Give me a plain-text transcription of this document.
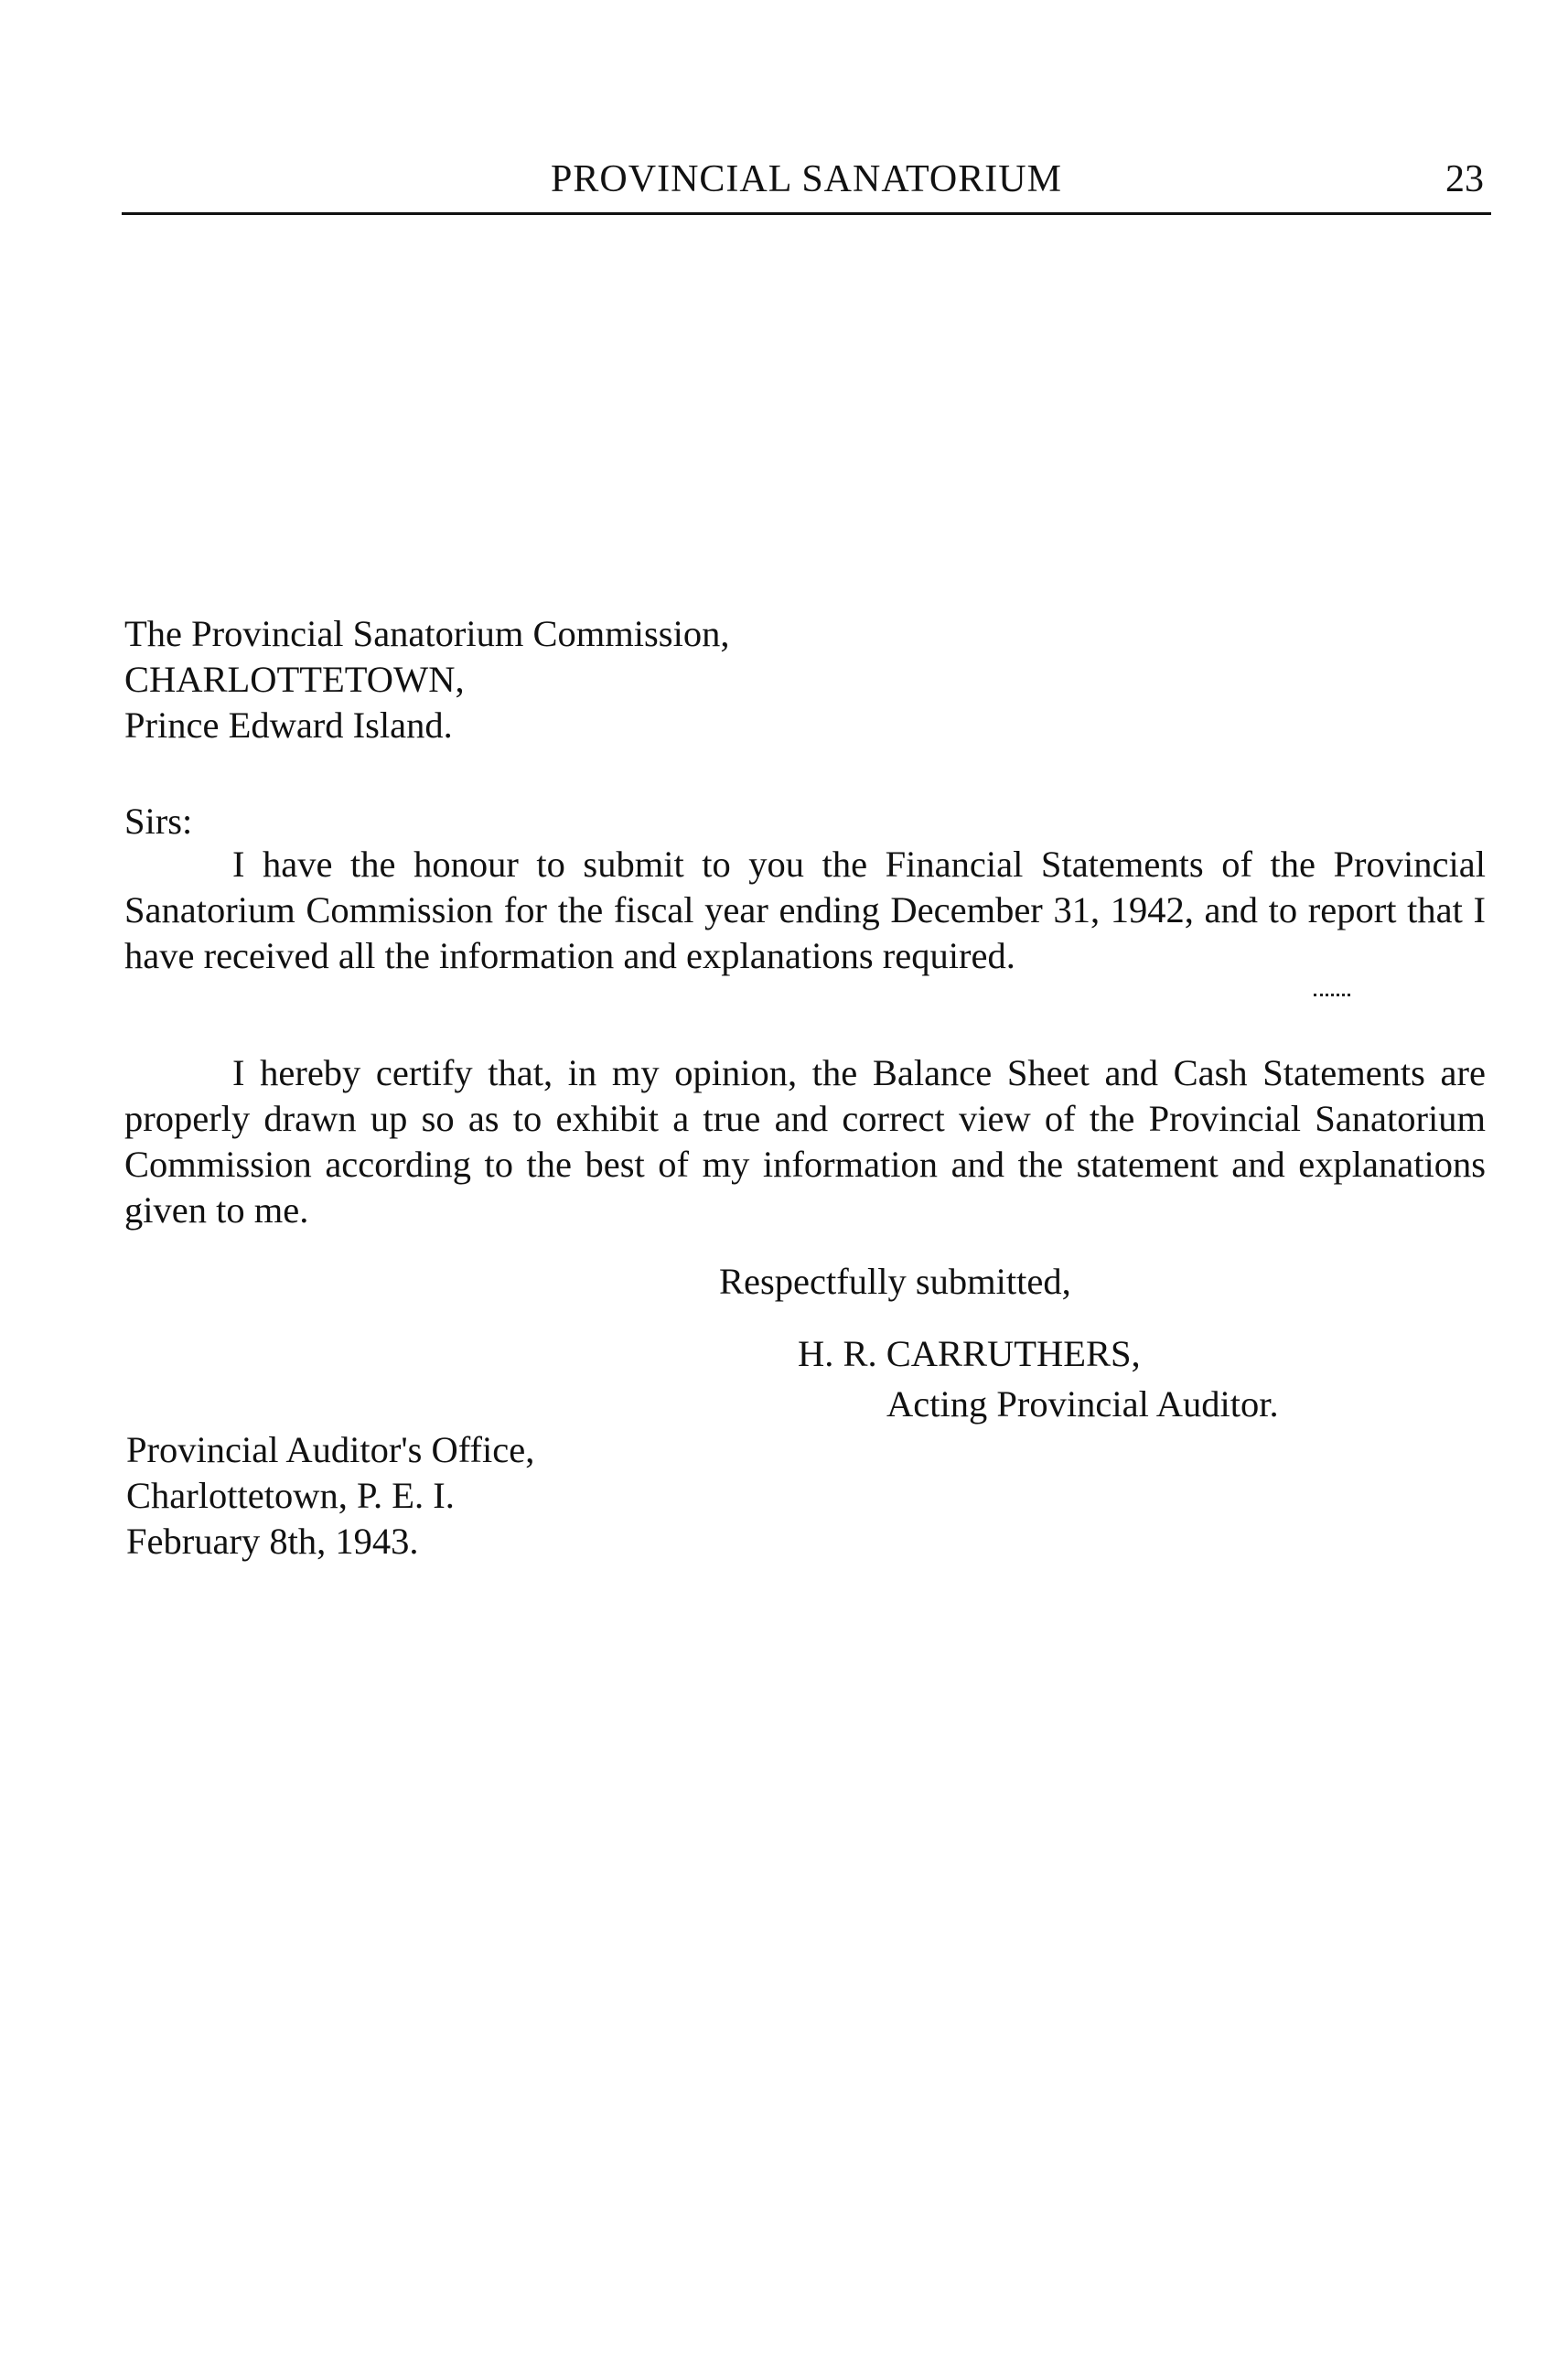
PROVINCIAL SANATORIUM	23
The Provincial Sanatorium Commission,
CHARLOTTETOWN,
Prince Edward Island.
Sirs:

I have the honour to submit to you the Financial Statements of the Provincial Sanatorium Commission for the fiscal year ending December 31, 1942, and to report that I have received all the information and explanations required.

I hereby certify that, in my opinion, the Balance Sheet and Cash Statements are properly drawn up so as to exhibit a true and correct view of the Provincial Sanatorium Commission according to the best of my information and the statement and explanations given to me.

Respectfully submitted,
H. R. CARRUTHERS,
Acting Provincial Auditor.
Provincial Auditor's Office,
Charlottetown, P. E. I.
February 8th, 1943.
